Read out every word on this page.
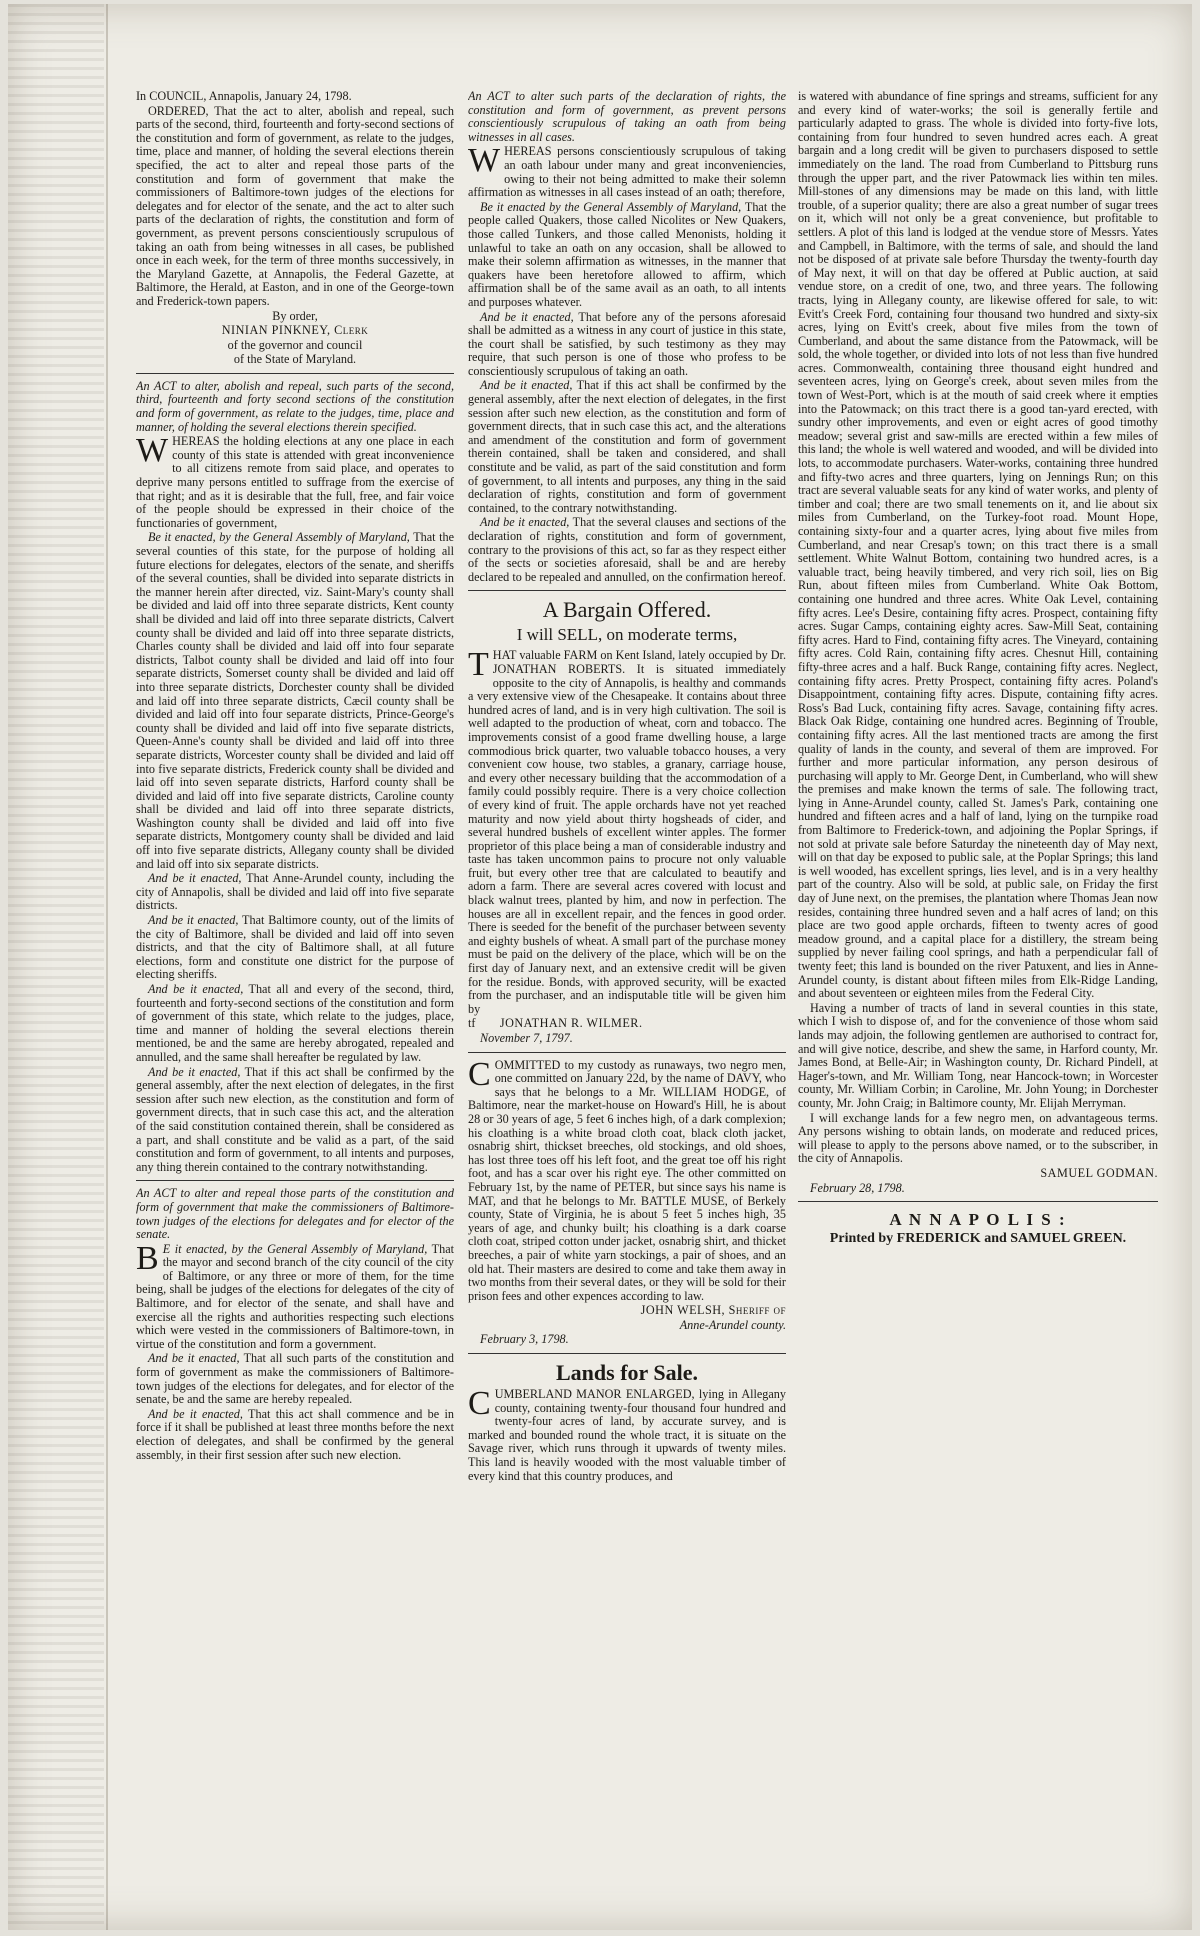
In COUNCIL, Annapolis, January 24, 1798.

ORDERED, That the act to alter, abolish and repeal, such parts of the second, third, fourteenth and forty-second sections of the constitution and form of government, as relate to the judges, time, place and manner, of holding the several elections therein specified, the act to alter and repeal those parts of the constitution and form of government that make the commissioners of Baltimore-town judges of the elections for delegates and for elector of the senate, and the act to alter such parts of the declaration of rights, the constitution and form of government, as prevent persons conscientiously scrupulous of taking an oath from being witnesses in all cases, be published once in each week, for the term of three months successively, in the Maryland Gazette, at Annapolis, the Federal Gazette, at Baltimore, the Herald, at Easton, and in one of the George-town and Frederick-town papers.

By order,

NINIAN PINKNEY, Clerk

of the governor and council

of the State of Maryland.

An ACT to alter, abolish and repeal, such parts of the second, third, fourteenth and forty second sections of the constitution and form of government, as relate to the judges, time, place and manner, of holding the several elections therein specified.

WHEREAS the holding elections at any one place in each county of this state is attended with great inconvenience to all citizens remote from said place, and operates to deprive many persons entitled to suffrage from the exercise of that right; and as it is desirable that the full, free, and fair voice of the people should be expressed in their choice of the functionaries of government,

Be it enacted, by the General Assembly of Maryland, That the several counties of this state, for the purpose of holding all future elections for delegates, electors of the senate, and sheriffs of the several counties, shall be divided into separate districts in the manner herein after directed, viz. Saint-Mary's county shall be divided and laid off into three separate districts, Kent county shall be divided and laid off into three separate districts, Calvert county shall be divided and laid off into three separate districts, Charles county shall be divided and laid off into four separate districts, Talbot county shall be divided and laid off into four separate districts, Somerset county shall be divided and laid off into three separate districts, Dorchester county shall be divided and laid off into three separate districts, Cæcil county shall be divided and laid off into four separate districts, Prince-George's county shall be divided and laid off into five separate districts, Queen-Anne's county shall be divided and laid off into three separate districts, Worcester county shall be divided and laid off into five separate districts, Frederick county shall be divided and laid off into seven separate districts, Harford county shall be divided and laid off into five separate districts, Caroline county shall be divided and laid off into three separate districts, Washington county shall be divided and laid off into five separate districts, Montgomery county shall be divided and laid off into five separate districts, Allegany county shall be divided and laid off into six separate districts.

And be it enacted, That Anne-Arundel county, including the city of Annapolis, shall be divided and laid off into five separate districts.

And be it enacted, That Baltimore county, out of the limits of the city of Baltimore, shall be divided and laid off into seven districts, and that the city of Baltimore shall, at all future elections, form and constitute one district for the purpose of electing sheriffs.

And be it enacted, That all and every of the second, third, fourteenth and forty-second sections of the constitution and form of government of this state, which relate to the judges, place, time and manner of holding the several elections therein mentioned, be and the same are hereby abrogated, repealed and annulled, and the same shall hereafter be regulated by law.

And be it enacted, That if this act shall be confirmed by the general assembly, after the next election of delegates, in the first session after such new election, as the constitution and form of government directs, that in such case this act, and the alteration of the said constitution contained therein, shall be considered as a part, and shall constitute and be valid as a part, of the said constitution and form of government, to all intents and purposes, any thing therein contained to the contrary notwithstanding.

An ACT to alter and repeal those parts of the constitution and form of government that make the commissioners of Baltimore-town judges of the elections for delegates and for elector of the senate.

B E it enacted, by the General Assembly of Maryland, That the mayor and second branch of the city council of the city of Baltimore, or any three or more of them, for the time being, shall be judges of the elections for delegates of the city of Baltimore, and for elector of the senate, and shall have and exercise all the rights and authorities respecting such elections which were vested in the commissioners of Baltimore-town, in virtue of the constitution and form a government.

And be it enacted, That all such parts of the constitution and form of government as make the commissioners of Baltimore-town judges of the elections for delegates, and for elector of the senate, be and the same are hereby repealed.

And be it enacted, That this act shall commence and be in force if it shall be published at least three months before the next election of delegates, and shall be confirmed by the general assembly, in their first session after such new election.

An ACT to alter such parts of the declaration of rights, the constitution and form of government, as prevent persons conscientiously scrupulous of taking an oath from being witnesses in all cases.

WHEREAS persons conscientiously scrupulous of taking an oath labour under many and great inconveniencies, owing to their not being admitted to make their solemn affirmation as witnesses in all cases instead of an oath; therefore,

Be it enacted by the General Assembly of Maryland, That the people called Quakers, those called Nicolites or New Quakers, those called Tunkers, and those called Menonists, holding it unlawful to take an oath on any occasion, shall be allowed to make their solemn affirmation as witnesses, in the manner that quakers have been heretofore allowed to affirm, which affirmation shall be of the same avail as an oath, to all intents and purposes whatever.

And be it enacted, That before any of the persons aforesaid shall be admitted as a witness in any court of justice in this state, the court shall be satisfied, by such testimony as they may require, that such person is one of those who profess to be conscientiously scrupulous of taking an oath.

And be it enacted, That if this act shall be confirmed by the general assembly, after the next election of delegates, in the first session after such new election, as the constitution and form of government directs, that in such case this act, and the alterations and amendment of the constitution and form of government therein contained, shall be taken and considered, and shall constitute and be valid, as part of the said constitution and form of government, to all intents and purposes, any thing in the said declaration of rights, constitution and form of government contained, to the contrary notwithstanding.

And be it enacted, That the several clauses and sections of the declaration of rights, constitution and form of government, contrary to the provisions of this act, so far as they respect either of the sects or societies aforesaid, shall be and are hereby declared to be repealed and annulled, on the confirmation hereof.

A Bargain Offered.
I will SELL, on moderate terms,

THAT valuable FARM on Kent Island, lately occupied by Dr. JONATHAN ROBERTS. It is situated immediately opposite to the city of Annapolis, is healthy and commands a very extensive view of the Chesapeake. It contains about three hundred acres of land, and is in very high cultivation. The soil is well adapted to the production of wheat, corn and tobacco. The improvements consist of a good frame dwelling house, a large commodious brick quarter, two valuable tobacco houses, a very convenient cow house, two stables, a granary, carriage house, and every other necessary building that the accommodation of a family could possibly require. There is a very choice collection of every kind of fruit. The apple orchards have not yet reached maturity and now yield about thirty hogsheads of cider, and several hundred bushels of excellent winter apples. The former proprietor of this place being a man of considerable industry and taste has taken uncommon pains to procure not only valuable fruit, but every other tree that are calculated to beautify and adorn a farm. There are several acres covered with locust and black walnut trees, planted by him, and now in perfection. The houses are all in excellent repair, and the fences in good order. There is seeded for the benefit of the purchaser between seventy and eighty bushels of wheat. A small part of the purchase money must be paid on the delivery of the place, which will be on the first day of January next, and an extensive credit will be given for the residue. Bonds, with approved security, will be exacted from the purchaser, and an indisputable title will be given him by

tf JONATHAN R. WILMER.

November 7, 1797.

COMMITTED to my custody as runaways, two negro men, one committed on January 22d, by the name of DAVY, who says that he belongs to a Mr. WILLIAM HODGE, of Baltimore, near the market-house on Howard's Hill, he is about 28 or 30 years of age, 5 feet 6 inches high, of a dark complexion; his cloathing is a white broad cloth coat, black cloth jacket, osnabrig shirt, thickset breeches, old stockings, and old shoes, has lost three toes off his left foot, and the great toe off his right foot, and has a scar over his right eye. The other committed on February 1st, by the name of PETER, but since says his name is MAT, and that he belongs to Mr. BATTLE MUSE, of Berkely county, State of Virginia, he is about 5 feet 5 inches high, 35 years of age, and chunky built; his cloathing is a dark coarse cloth coat, striped cotton under jacket, osnabrig shirt, and thicket breeches, a pair of white yarn stockings, a pair of shoes, and an old hat. Their masters are desired to come and take them away in two months from their several dates, or they will be sold for their prison fees and other expences according to law.

JOHN WELSH, Sheriff of

Anne-Arundel county.

February 3, 1798.

Lands for Sale.

CUMBERLAND MANOR ENLARGED, lying in Allegany county, containing twenty-four thousand four hundred and twenty-four acres of land, by accurate survey, and is marked and bounded round the whole tract, it is situate on the Savage river, which runs through it upwards of twenty miles. This land is heavily wooded with the most valuable timber of every kind that this country produces, and

is watered with abundance of fine springs and streams, sufficient for any and every kind of water-works; the soil is generally fertile and particularly adapted to grass. The whole is divided into forty-five lots, containing from four hundred to seven hundred acres each. A great bargain and a long credit will be given to purchasers disposed to settle immediately on the land. The road from Cumberland to Pittsburg runs through the upper part, and the river Patowmack lies within ten miles. Mill-stones of any dimensions may be made on this land, with little trouble, of a superior quality; there are also a great number of sugar trees on it, which will not only be a great convenience, but profitable to settlers. A plot of this land is lodged at the vendue store of Messrs. Yates and Campbell, in Baltimore, with the terms of sale, and should the land not be disposed of at private sale before Thursday the twenty-fourth day of May next, it will on that day be offered at Public auction, at said vendue store, on a credit of one, two, and three years. The following tracts, lying in Allegany county, are likewise offered for sale, to wit: Evitt's Creek Ford, containing four thousand two hundred and sixty-six acres, lying on Evitt's creek, about five miles from the town of Cumberland, and about the same distance from the Patowmack, will be sold, the whole together, or divided into lots of not less than five hundred acres. Commonwealth, containing three thousand eight hundred and seventeen acres, lying on George's creek, about seven miles from the town of West-Port, which is at the mouth of said creek where it empties into the Patowmack; on this tract there is a good tan-yard erected, with sundry other improvements, and even or eight acres of good timothy meadow; several grist and saw-mills are erected within a few miles of this land; the whole is well watered and wooded, and will be divided into lots, to accommodate purchasers. Water-works, containing three hundred and fifty-two acres and three quarters, lying on Jennings Run; on this tract are several valuable seats for any kind of water works, and plenty of timber and coal; there are two small tenements on it, and lie about six miles from Cumberland, on the Turkey-foot road. Mount Hope, containing sixty-four and a quarter acres, lying about five miles from Cumberland, and near Cresap's town; on this tract there is a small settlement. White Walnut Bottom, containing two hundred acres, is a valuable tract, being heavily timbered, and very rich soil, lies on Big Run, about fifteen miles from Cumberland. White Oak Bottom, containing one hundred and three acres. White Oak Level, containing fifty acres. Lee's Desire, containing fifty acres. Prospect, containing fifty acres. Sugar Camps, containing eighty acres. Saw-Mill Seat, containing fifty acres. Hard to Find, containing fifty acres. The Vineyard, containing fifty acres. Cold Rain, containing fifty acres. Chesnut Hill, containing fifty-three acres and a half. Buck Range, containing fifty acres. Neglect, containing fifty acres. Pretty Prospect, containing fifty acres. Poland's Disappointment, containing fifty acres. Dispute, containing fifty acres. Ross's Bad Luck, containing fifty acres. Savage, containing fifty acres. Black Oak Ridge, containing one hundred acres. Beginning of Trouble, containing fifty acres. All the last mentioned tracts are among the first quality of lands in the county, and several of them are improved. For further and more particular information, any person desirous of purchasing will apply to Mr. George Dent, in Cumberland, who will shew the premises and make known the terms of sale. The following tract, lying in Anne-Arundel county, called St. James's Park, containing one hundred and fifteen acres and a half of land, lying on the turnpike road from Baltimore to Frederick-town, and adjoining the Poplar Springs, if not sold at private sale before Saturday the nineteenth day of May next, will on that day be exposed to public sale, at the Poplar Springs; this land is well wooded, has excellent springs, lies level, and is in a very healthy part of the country. Also will be sold, at public sale, on Friday the first day of June next, on the premises, the plantation where Thomas Jean now resides, containing three hundred seven and a half acres of land; on this place are two good apple orchards, fifteen to twenty acres of good meadow ground, and a capital place for a distillery, the stream being supplied by never failing cool springs, and hath a perpendicular fall of twenty feet; this land is bounded on the river Patuxent, and lies in Anne-Arundel county, is distant about fifteen miles from Elk-Ridge Landing, and about seventeen or eighteen miles from the Federal City.

Having a number of tracts of land in several counties in this state, which I wish to dispose of, and for the convenience of those whom said lands may adjoin, the following gentlemen are authorised to contract for, and will give notice, describe, and shew the same, in Harford county, Mr. James Bond, at Belle-Air; in Washington county, Dr. Richard Pindell, at Hager's-town, and Mr. William Tong, near Hancock-town; in Worcester county, Mr. William Corbin; in Caroline, Mr. John Young; in Dorchester county, Mr. John Craig; in Baltimore county, Mr. Elijah Merryman.

I will exchange lands for a few negro men, on advantageous terms. Any persons wishing to obtain lands, on moderate and reduced prices, will please to apply to the persons above named, or to the subscriber, in the city of Annapolis.

SAMUEL GODMAN.

February 28, 1798.

A N N A P O L I S :
Printed by FREDERICK and SAMUEL GREEN.
